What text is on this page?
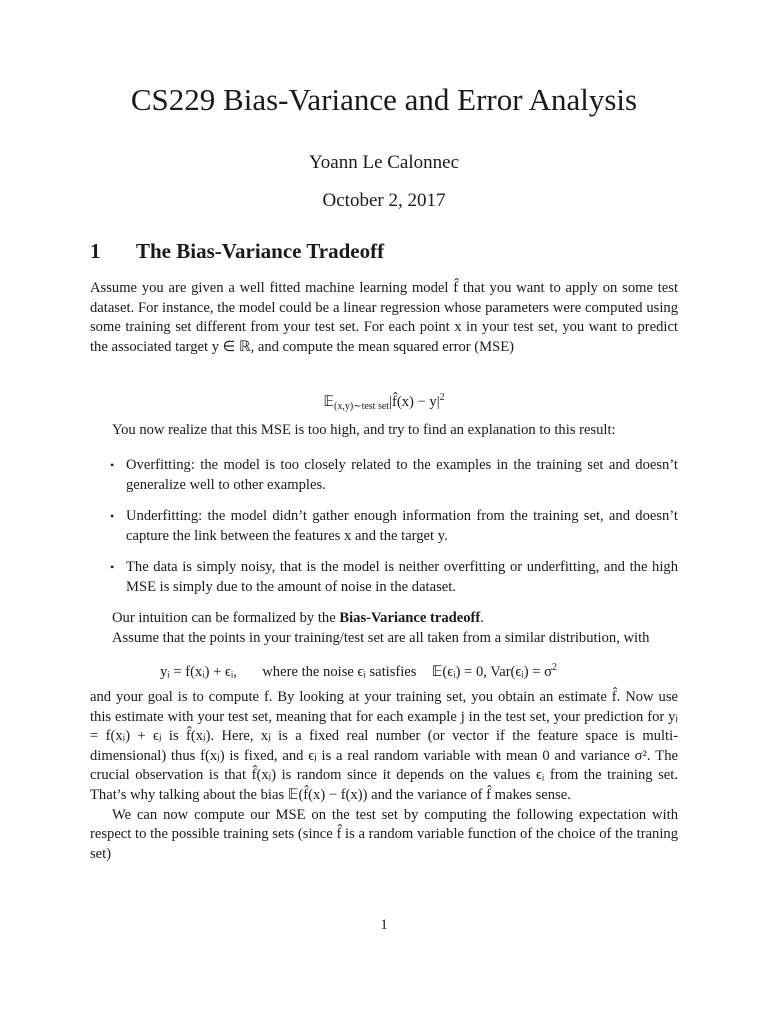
CS229 Bias-Variance and Error Analysis
Yoann Le Calonnec
October 2, 2017
1 The Bias-Variance Tradeoff

Assume you are given a well fitted machine learning model f̂ that you want to apply on some test dataset. For instance, the model could be a linear regression whose parameters were computed using some training set different from your test set. For each point x in your test set, you want to predict the associated target y ∈ ℝ, and compute the mean squared error (MSE)

𝔼$_{(x,y)\sim test set}$|f̂(x) − $y|^2$

You now realize that this MSE is too high, and try to find an explanation to this result:

• Overfitting: the model is too closely related to the examples in the training set and doesn’t generalize well to other examples.
• Underfitting: the model didn’t gather enough information from the training set, and doesn’t capture the link between the features x and the target y.
• The data is simply noisy, that is the model is neither overfitting or underfitting, and the high MSE is simply due to the amount of noise in the dataset.

Our intuition can be formalized by the Bias-Variance tradeoff.

Assume that the points in your training/test set are all taken from a similar distribution, with

yᵢ = f(xᵢ) + ϵᵢ, where the noise ϵᵢ satisfies 𝔼(ϵᵢ) = 0, Var(ϵᵢ) = $\sigma^2$

and your goal is to compute f. By looking at your training set, you obtain an estimate f̂. Now use this estimate with your test set, meaning that for each example j in the test set, your prediction for yⱼ = f(xⱼ) + ϵⱼ is f̂(xⱼ). Here, xⱼ is a fixed real number (or vector if the feature space is multi-dimensional) thus f(xⱼ) is fixed, and ϵⱼ is a real random variable with mean 0 and variance σ². The crucial observation is that f̂(xⱼ) is random since it depends on the values ϵᵢ from the training set. That’s why talking about the bias 𝔼(f̂(x) − f(x)) and the variance of f̂ makes sense.

We can now compute our MSE on the test set by computing the following expectation with respect to the possible training sets (since f̂ is a random variable function of the choice of the traning set)

1
